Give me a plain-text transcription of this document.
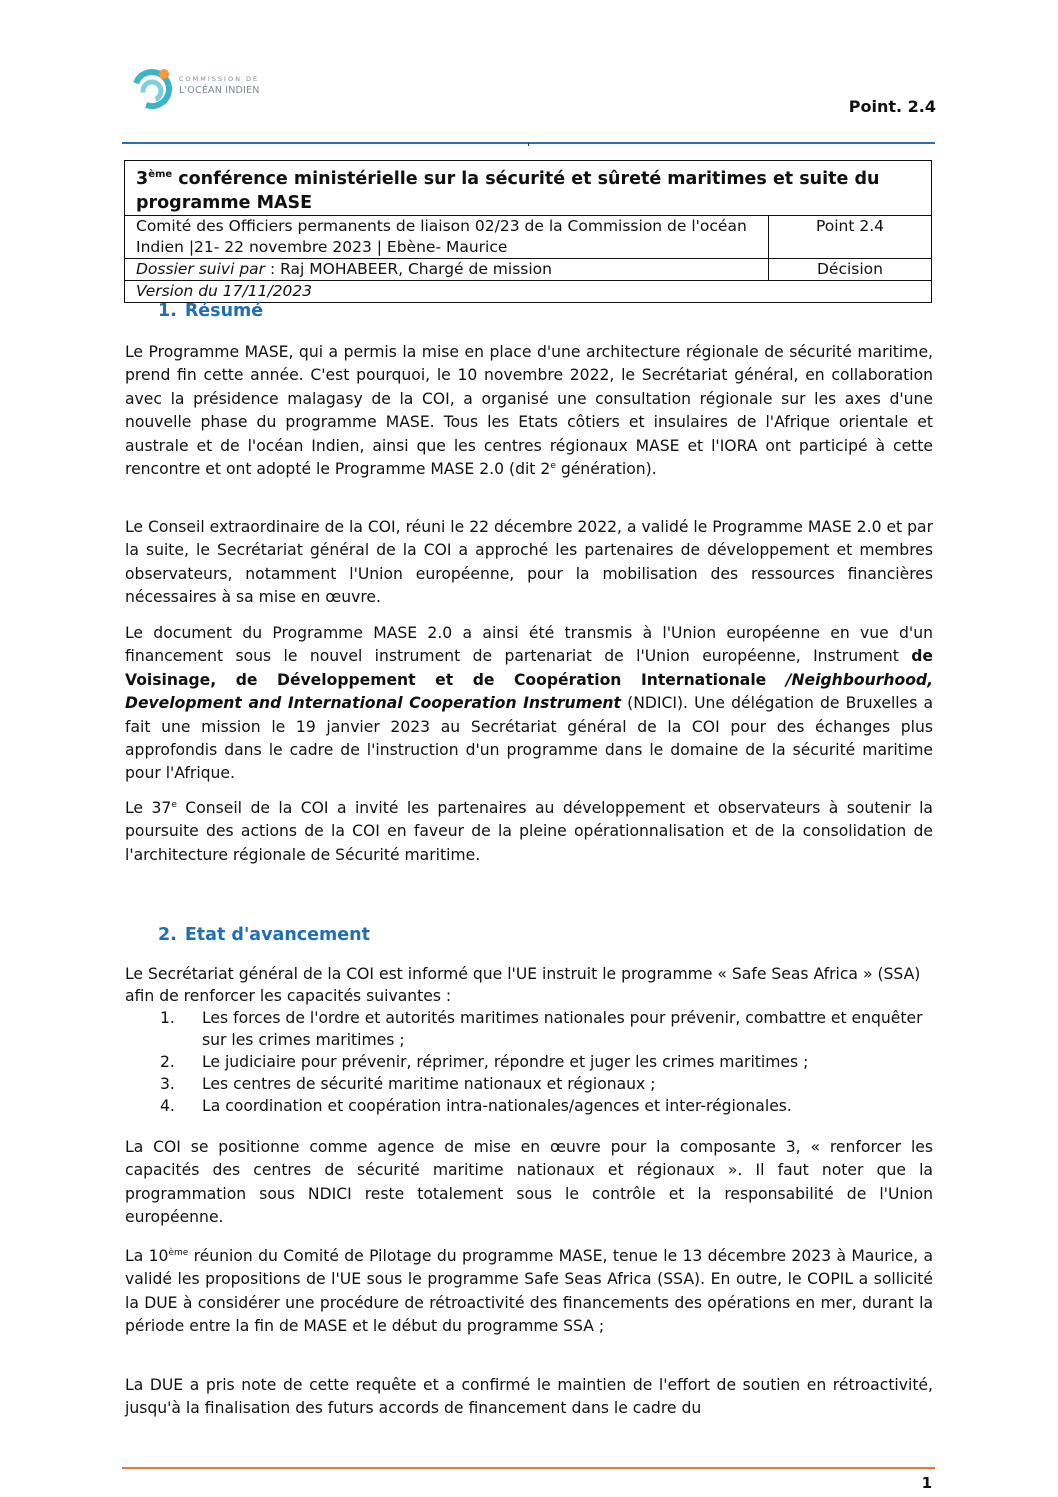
COMMISSION DE
L'OCÉAN INDIEN
Point. 2.4
3ème conférence ministérielle sur la sécurité et sûreté maritimes et suite du programme MASE	
Comité des Officiers permanents de liaison 02/23 de la Commission de l'océan Indien |21- 22 novembre 2023 | Ebène- Maurice	Point 2.4
Dossier suivi par : Raj MOHABEER, Chargé de mission	Décision
Version du 17/11/2023	
1. Résumé

Le Programme MASE, qui a permis la mise en place d'une architecture régionale de sécurité maritime, prend fin cette année. C'est pourquoi, le 10 novembre 2022, le Secrétariat général, en collaboration avec la présidence malagasy de la COI, a organisé une consultation régionale sur les axes d'une nouvelle phase du programme MASE. Tous les Etats côtiers et insulaires de l'Afrique orientale et australe et de l'océan Indien, ainsi que les centres régionaux MASE et l'IORA ont participé à cette rencontre et ont adopté le Programme MASE 2.0 (dit 2e génération).

Le Conseil extraordinaire de la COI, réuni le 22 décembre 2022, a validé le Programme MASE 2.0 et par la suite, le Secrétariat général de la COI a approché les partenaires de développement et membres observateurs, notamment l'Union européenne, pour la mobilisation des ressources financières nécessaires à sa mise en œuvre.

Le document du Programme MASE 2.0 a ainsi été transmis à l'Union européenne en vue d'un financement sous le nouvel instrument de partenariat de l'Union européenne, Instrument de Voisinage, de Développement et de Coopération Internationale /Neighbourhood, Development and International Cooperation Instrument (NDICI). Une délégation de Bruxelles a fait une mission le 19 janvier 2023 au Secrétariat général de la COI pour des échanges plus approfondis dans le cadre de l'instruction d'un programme dans le domaine de la sécurité maritime pour l'Afrique.

Le 37e Conseil de la COI a invité les partenaires au développement et observateurs à soutenir la poursuite des actions de la COI en faveur de la pleine opérationnalisation et de la consolidation de l'architecture régionale de Sécurité maritime.

2. Etat d'avancement

Le Secrétariat général de la COI est informé que l'UE instruit le programme « Safe Seas Africa » (SSA) afin de renforcer les capacités suivantes :

1. Les forces de l'ordre et autorités maritimes nationales pour prévenir, combattre et enquêter sur les crimes maritimes ;
2. Le judiciaire pour prévenir, réprimer, répondre et juger les crimes maritimes ;
3. Les centres de sécurité maritime nationaux et régionaux ;
4. La coordination et coopération intra-nationales/agences et inter-régionales.

La COI se positionne comme agence de mise en œuvre pour la composante 3, « renforcer les capacités des centres de sécurité maritime nationaux et régionaux ». Il faut noter que la programmation sous NDICI reste totalement sous le contrôle et la responsabilité de l'Union européenne.

La 10ème réunion du Comité de Pilotage du programme MASE, tenue le 13 décembre 2023 à Maurice, a validé les propositions de l'UE sous le programme Safe Seas Africa (SSA). En outre, le COPIL a sollicité la DUE à considérer une procédure de rétroactivité des financements des opérations en mer, durant la période entre la fin de MASE et le début du programme SSA ;

La DUE a pris note de cette requête et a confirmé le maintien de l'effort de soutien en rétroactivité, jusqu'à la finalisation des futurs accords de financement dans le cadre du

1
